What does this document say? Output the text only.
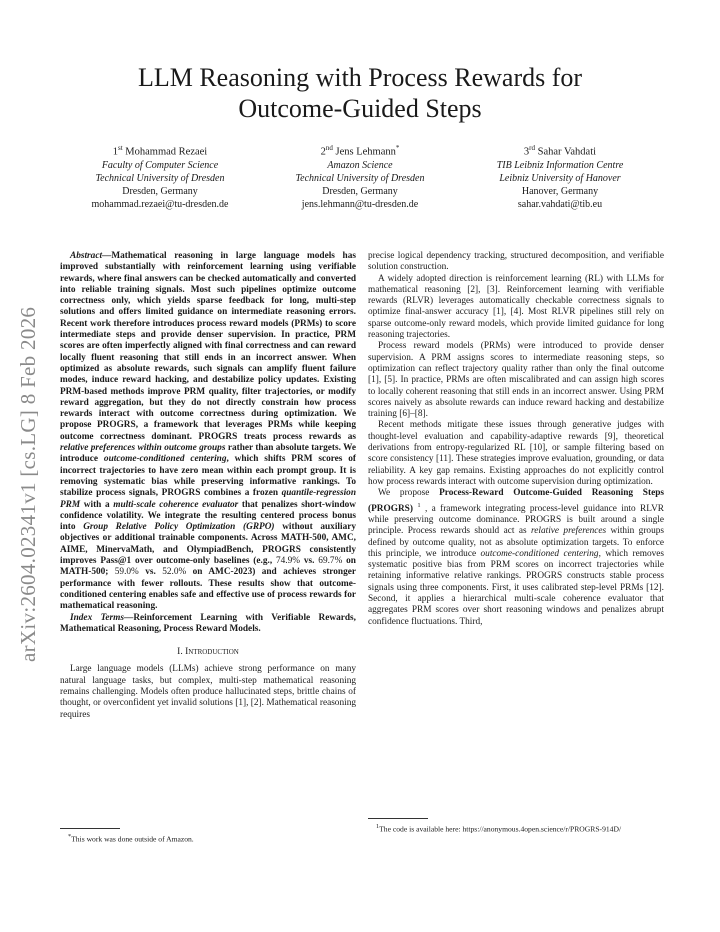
LLM Reasoning with Process Rewards for
Outcome-Guided Steps
1st Mohammad Rezaei
Faculty of Computer Science
Technical University of Dresden
Dresden, Germany
mohammad.rezaei@tu-dresden.de
2nd Jens Lehmann*
Amazon Science
Technical University of Dresden
Dresden, Germany
jens.lehmann@tu-dresden.de
3rd Sahar Vahdati
TIB Leibniz Information Centre
Leibniz University of Hanover
Hanover, Germany
sahar.vahdati@tib.eu
arXiv:2604.02341v1 [cs.LG] 8 Feb 2026

Abstract—Mathematical reasoning in large language models has improved substantially with reinforcement learning using verifiable rewards, where final answers can be checked automatically and converted into reliable training signals. Most such pipelines optimize outcome correctness only, which yields sparse feedback for long, multi-step solutions and offers limited guidance on intermediate reasoning errors. Recent work therefore introduces process reward models (PRMs) to score intermediate steps and provide denser supervision. In practice, PRM scores are often imperfectly aligned with final correctness and can reward locally fluent reasoning that still ends in an incorrect answer. When optimized as absolute rewards, such signals can amplify fluent failure modes, induce reward hacking, and destabilize policy updates. Existing PRM-based methods improve PRM quality, filter trajectories, or modify reward aggregation, but they do not directly constrain how process rewards interact with outcome correctness during optimization. We propose PROGRS, a framework that leverages PRMs while keeping outcome correctness dominant. PROGRS treats process rewards as relative preferences within outcome groups rather than absolute targets. We introduce outcome-conditioned centering, which shifts PRM scores of incorrect trajectories to have zero mean within each prompt group. It is removing systematic bias while preserving informative rankings. To stabilize process signals, PROGRS combines a frozen quantile-regression PRM with a multi-scale coherence evaluator that penalizes short-window confidence volatility. We integrate the resulting centered process bonus into Group Relative Policy Optimization (GRPO) without auxiliary objectives or additional trainable components. Across MATH-500, AMC, AIME, MinervaMath, and OlympiadBench, PROGRS consistently improves Pass@1 over outcome-only baselines (e.g., 74.9% vs. 69.7% on MATH-500; 59.0% vs. 52.0% on AMC-2023) and achieves stronger performance with fewer rollouts. These results show that outcome-conditioned centering enables safe and effective use of process rewards for mathematical reasoning.

Index Terms—Reinforcement Learning with Verifiable Rewards, Mathematical Reasoning, Process Reward Models.

I. Introduction

Large language models (LLMs) achieve strong performance on many natural language tasks, but complex, multi-step mathematical reasoning remains challenging. Models often produce hallucinated steps, brittle chains of thought, or overconfident yet invalid solutions [1], [2]. Mathematical reasoning requires

*This work was done outside of Amazon.

precise logical dependency tracking, structured decomposition, and verifiable solution construction.

A widely adopted direction is reinforcement learning (RL) with LLMs for mathematical reasoning [2], [3]. Reinforcement learning with verifiable rewards (RLVR) leverages automatically checkable correctness signals to optimize final-answer accuracy [1], [4]. Most RLVR pipelines still rely on sparse outcome-only reward models, which provide limited guidance for long reasoning trajectories.

Process reward models (PRMs) were introduced to provide denser supervision. A PRM assigns scores to intermediate reasoning steps, so optimization can reflect trajectory quality rather than only the final outcome [1], [5]. In practice, PRMs are often miscalibrated and can assign high scores to locally coherent reasoning that still ends in an incorrect answer. Using PRM scores naively as absolute rewards can induce reward hacking and destabilize training [6]–[8].

Recent methods mitigate these issues through generative judges with thought-level evaluation and capability-adaptive rewards [9], theoretical derivations from entropy-regularized RL [10], or sample filtering based on score consistency [11]. These strategies improve evaluation, grounding, or data reliability. A key gap remains. Existing approaches do not explicitly control how process rewards interact with outcome supervision during optimization.

We propose Process-Reward Outcome-Guided Reasoning Steps (PROGRS) $^1$ , a framework integrating process-level guidance into RLVR while preserving outcome dominance. PROGRS is built around a single principle. Process rewards should act as relative preferences within groups defined by outcome quality, not as absolute optimization targets. To enforce this principle, we introduce outcome-conditioned centering, which removes systematic positive bias from PRM scores on incorrect trajectories while retaining informative relative rankings. PROGRS constructs stable process signals using three components. First, it uses calibrated step-level PRMs [12]. Second, it applies a hierarchical multi-scale coherence evaluator that aggregates PRM scores over short reasoning windows and penalizes abrupt confidence fluctuations. Third,

$^1$The code is available here: https://anonymous.4open.science/r/PROGRS-914D/
